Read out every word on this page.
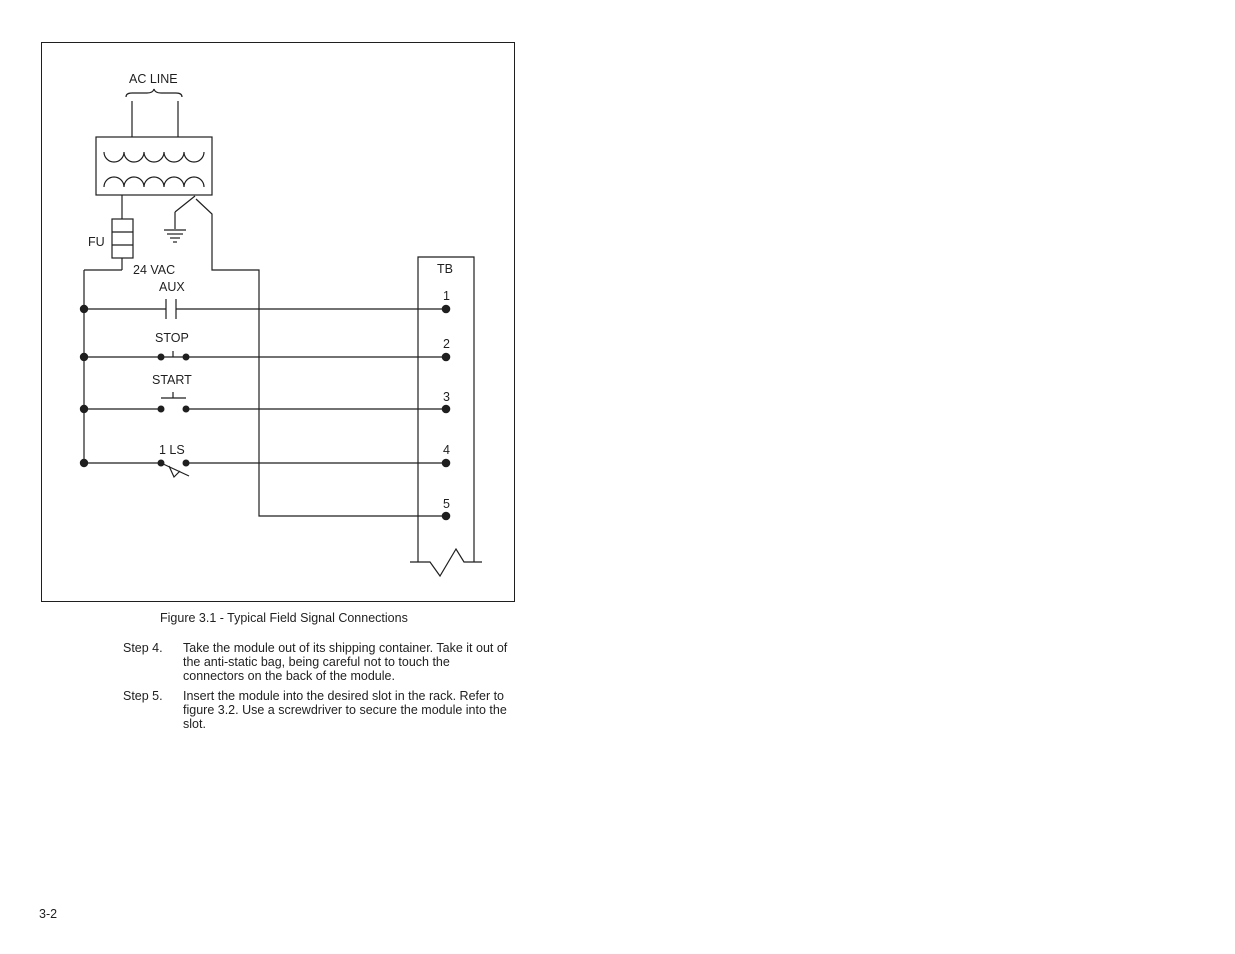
AC LINE
FU
24 VAC	TB
AUX
STOP
START
1 LS
1
2
3
4
5
Figure 3.1 - Typical Field Signal Connections
Step 4.	Take the module out of its shipping container. Take it out of the anti-static bag, being careful not to touch the connectors on the back of the module.
Step 5.	Insert the module into the desired slot in the rack. Refer to figure 3.2. Use a screwdriver to secure the module into the slot.
3-2
